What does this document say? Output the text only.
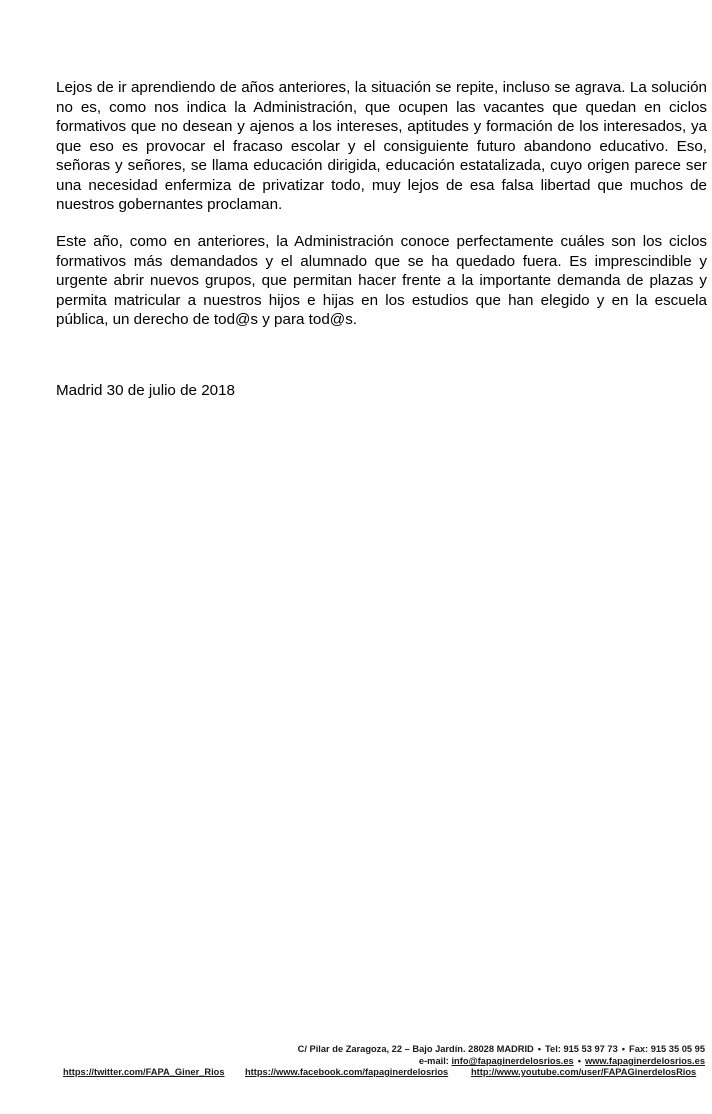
Lejos de ir aprendiendo de años anteriores, la situación se repite, incluso se agrava. La solución no es, como nos indica la Administración, que ocupen las vacantes que quedan en ciclos formativos que no desean y ajenos a los intereses, aptitudes y formación de los interesados, ya que eso es provocar el fracaso escolar y el consiguiente futuro abandono educativo. Eso, señoras y señores, se llama educación dirigida, educación estatalizada, cuyo origen parece ser una necesidad enfermiza de privatizar todo, muy lejos de esa falsa libertad que muchos de nuestros gobernantes proclaman.

Este año, como en anteriores, la Administración conoce perfectamente cuáles son los ciclos formativos más demandados y el alumnado que se ha quedado fuera. Es imprescindible y urgente abrir nuevos grupos, que permitan hacer frente a la importante demanda de plazas y permita matricular a nuestros hijos e hijas en los estudios que han elegido y en la escuela pública, un derecho de tod@s y para tod@s.

Madrid 30 de julio de 2018

C/ Pilar de Zaragoza, 22 – Bajo Jardín. 28028 MADRID • Tel: 915 53 97 73 • Fax: 915 35 05 95
e-mail: info@fapaginerdelosrios.es • www.fapaginerdelosrios.es
https://twitter.com/FAPA_Giner_Rios https://www.facebook.com/fapaginerdelosrios http://www.youtube.com/user/FAPAGinerdelosRios
